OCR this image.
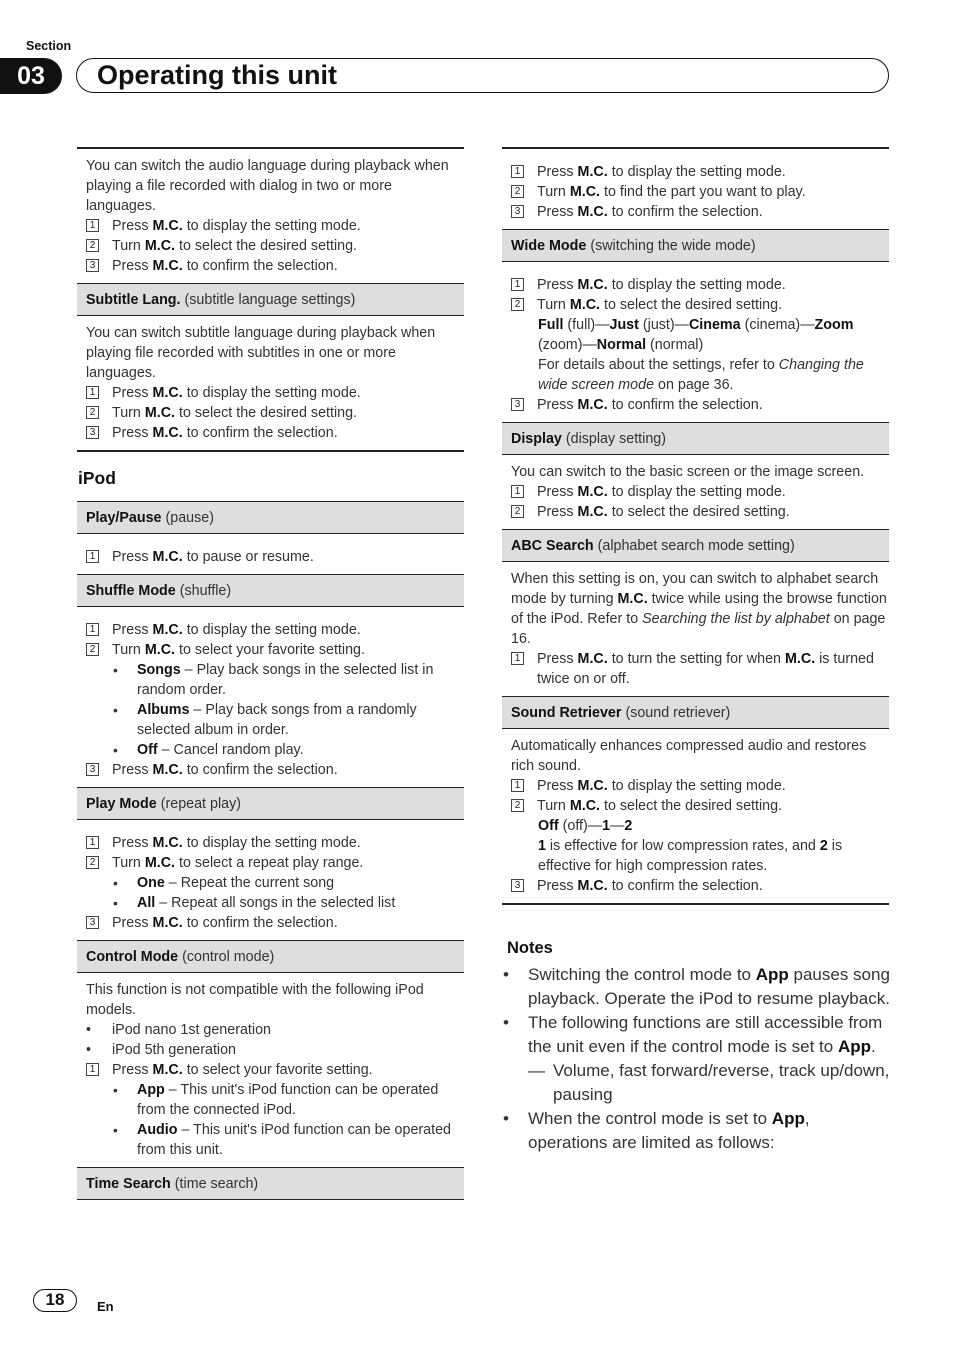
Section
03	Operating this unit

You can switch the audio language during playback when playing a file recorded with dialog in two or more languages.

1 Press M.C. to display the setting mode.
2 Turn M.C. to select the desired setting.
3 Press M.C. to confirm the selection.
Subtitle Lang. (subtitle language settings)

You can switch subtitle language during playback when playing file recorded with subtitles in one or more languages.

1 Press M.C. to display the setting mode.
2 Turn M.C. to select the desired setting.
3 Press M.C. to confirm the selection.
iPod
Play/Pause (pause)
1 Press M.C. to pause or resume.
Shuffle Mode (shuffle)
1 Press M.C. to display the setting mode.
2 Turn M.C. to select your favorite setting.
•	Songs – Play back songs in the selected list in random order.
•	Albums – Play back songs from a randomly selected album in order.
•	Off – Cancel random play.
3 Press M.C. to confirm the selection.
Play Mode (repeat play)
1 Press M.C. to display the setting mode.
2 Turn M.C. to select a repeat play range.
•	One – Repeat the current song
•	All – Repeat all songs in the selected list
3 Press M.C. to confirm the selection.
Control Mode (control mode)

This function is not compatible with the following iPod models.

•	iPod nano 1st generation
•	iPod 5th generation
1 Press M.C. to select your favorite setting.
•	App – This unit's iPod function can be operated from the connected iPod.
•	Audio – This unit's iPod function can be operated from this unit.
Time Search (time search)
1 Press M.C. to display the setting mode.
2 Turn M.C. to find the part you want to play.
3 Press M.C. to confirm the selection.
Wide Mode (switching the wide mode)
1 Press M.C. to display the setting mode.
2 Turn M.C. to select the desired setting.
Full (full)—Just (just)—Cinema (cinema)—Zoom (zoom)—Normal (normal)
For details about the settings, refer to Changing the wide screen mode on page 36.
3 Press M.C. to confirm the selection.
Display (display setting)

You can switch to the basic screen or the image screen.

1 Press M.C. to display the setting mode.
2 Press M.C. to select the desired setting.
ABC Search (alphabet search mode setting)

When this setting is on, you can switch to alphabet search mode by turning M.C. twice while using the browse function of the iPod. Refer to Searching the list by alphabet on page 16.

1 Press M.C. to turn the setting for when M.C. is turned twice on or off.
Sound Retriever (sound retriever)

Automatically enhances compressed audio and restores rich sound.

1 Press M.C. to display the setting mode.
2 Turn M.C. to select the desired setting.
Off (off)—1—2
1 is effective for low compression rates, and 2 is effective for high compression rates.
3 Press M.C. to confirm the selection.
Notes
•	Switching the control mode to App pauses song playback. Operate the iPod to resume playback.
•	The following functions are still accessible from the unit even if the control mode is set to App.
— Volume, fast forward/reverse, track up/down, pausing
•	When the control mode is set to App, operations are limited as follows:
18	En
